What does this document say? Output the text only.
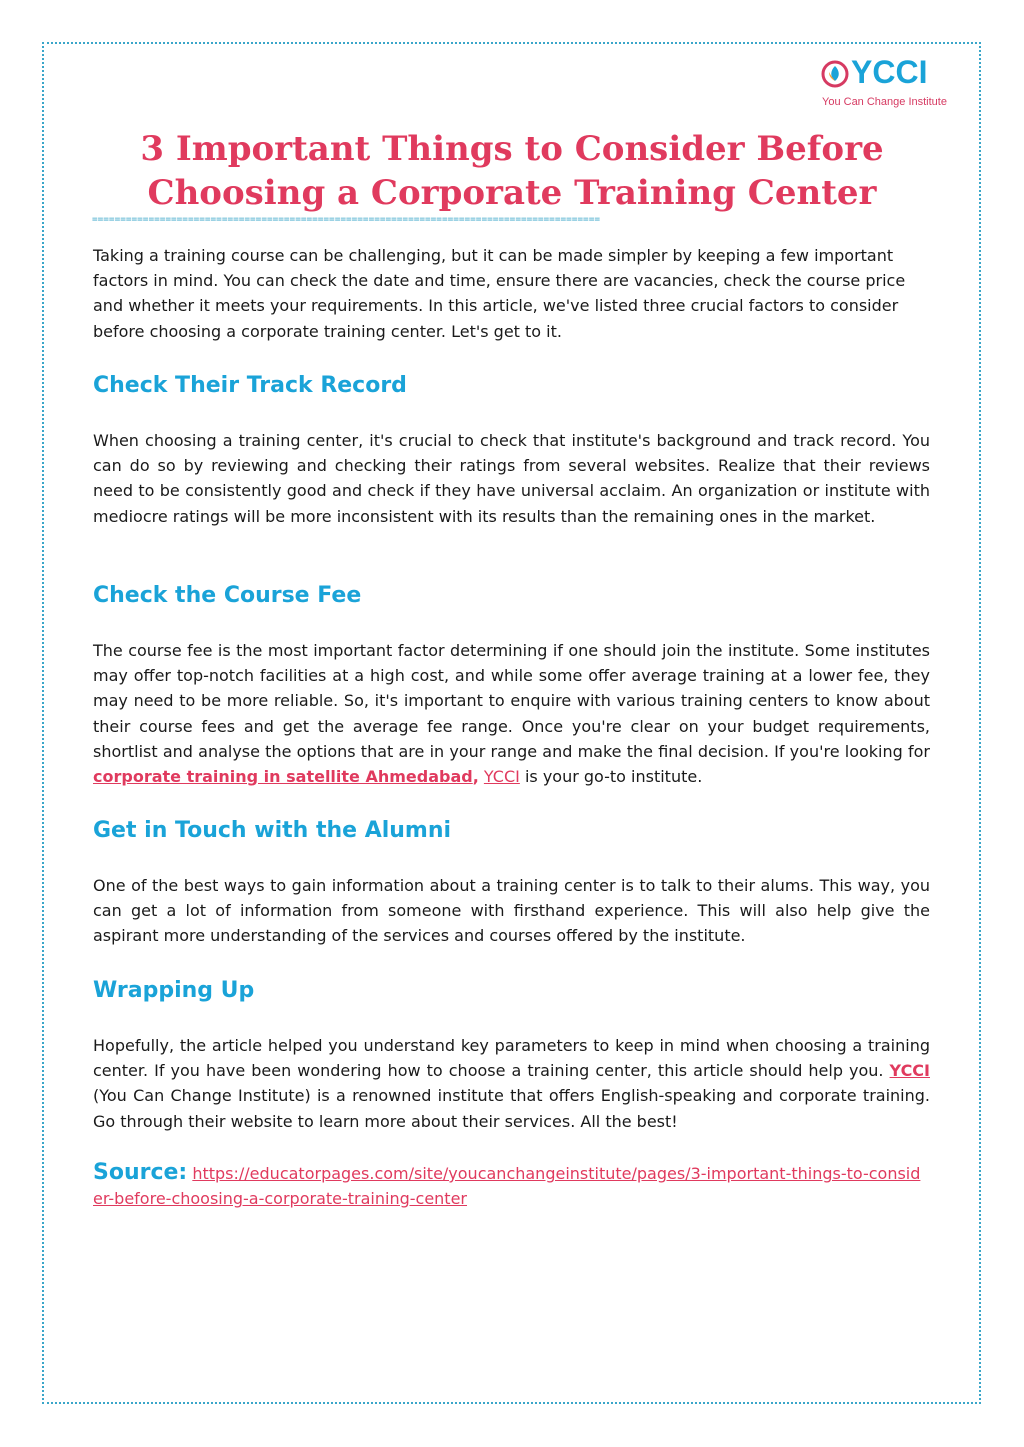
YCCI
You Can Change Institute
3 Important Things to Consider Before Choosing a Corporate Training Center
==========================================================================================

Taking a training course can be challenging, but it can be made simpler by keeping a few important factors in mind. You can check the date and time, ensure there are vacancies, check the course price and whether it meets your requirements. In this article, we've listed three crucial factors to consider before choosing a corporate training center. Let's get to it.

Check Their Track Record

When choosing a training center, it's crucial to check that institute's background and track record. You can do so by reviewing and checking their ratings from several websites. Realize that their reviews need to be consistently good and check if they have universal acclaim. An organization or institute with mediocre ratings will be more inconsistent with its results than the remaining ones in the market.

Check the Course Fee

The course fee is the most important factor determining if one should join the institute. Some institutes may offer top-notch facilities at a high cost, and while some offer average training at a lower fee, they may need to be more reliable. So, it's important to enquire with various training centers to know about their course fees and get the average fee range. Once you're clear on your budget requirements, shortlist and analyse the options that are in your range and make the final decision. If you're looking for corporate training in satellite Ahmedabad, YCCI is your go-to institute.

Get in Touch with the Alumni

One of the best ways to gain information about a training center is to talk to their alums. This way, you can get a lot of information from someone with firsthand experience. This will also help give the aspirant more understanding of the services and courses offered by the institute.

Wrapping Up

Hopefully, the article helped you understand key parameters to keep in mind when choosing a training center. If you have been wondering how to choose a training center, this article should help you. YCCI (You Can Change Institute) is a renowned institute that offers English-speaking and corporate training. Go through their website to learn more about their services. All the best!

Source: https://educatorpages.com/site/youcanchangeinstitute/pages/3-important-things-to-consider-before-choosing-a-corporate-training-center
